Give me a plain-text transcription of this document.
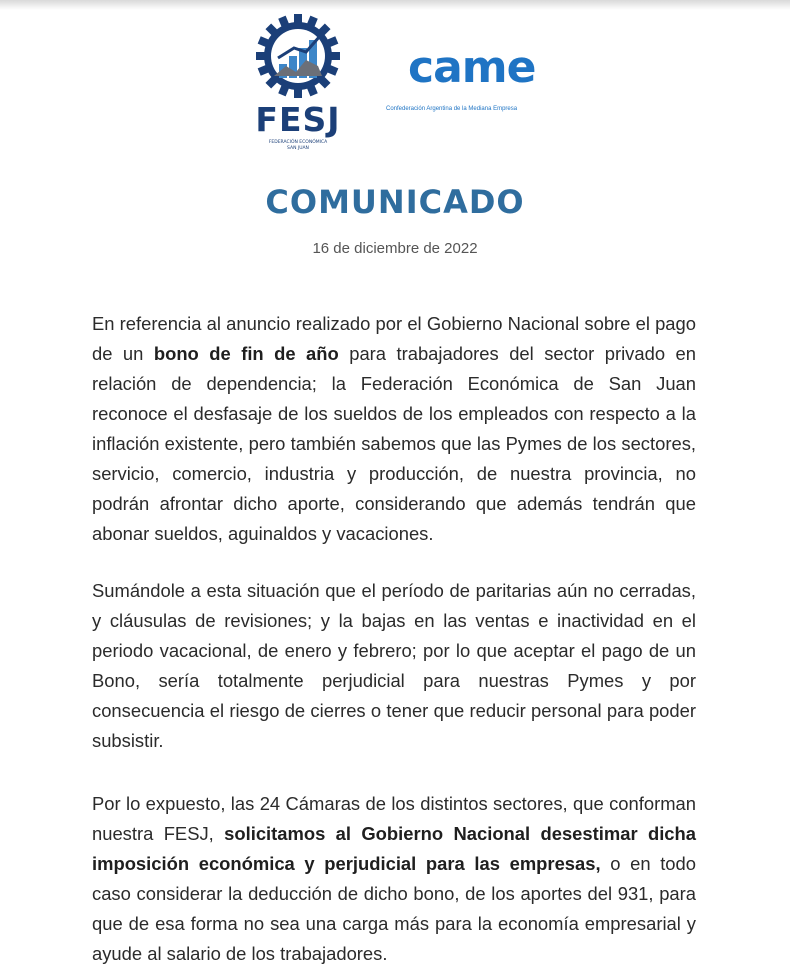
FESJ
FEDERACIÓN ECONÓMICA
SAN JUAN
came
Confederación Argentina de la Mediana Empresa
COMUNICADO
16 de diciembre de 2022

En referencia al anuncio realizado por el Gobierno Nacional sobre el pago de un bono de fin de año para trabajadores del sector privado en relación de dependencia; la Federación Económica de San Juan reconoce el desfasaje de los sueldos de los empleados con respecto a la inflación existente, pero también sabemos que las Pymes de los sectores, servicio, comercio, industria y producción, de nuestra provincia, no podrán afrontar dicho aporte, considerando que además tendrán que abonar sueldos, aguinaldos y vacaciones.

Sumándole a esta situación que el período de paritarias aún no cerradas, y cláusulas de revisiones; y la bajas en las ventas e inactividad en el periodo vacacional, de enero y febrero; por lo que aceptar el pago de un Bono, sería totalmente perjudicial para nuestras Pymes y por consecuencia el riesgo de cierres o tener que reducir personal para poder subsistir.

Por lo expuesto, las 24 Cámaras de los distintos sectores, que conforman nuestra FESJ, solicitamos al Gobierno Nacional desestimar dicha imposición económica y perjudicial para las empresas, o en todo caso considerar la deducción de dicho bono, de los aportes del 931, para que de esa forma no sea una carga más para la economía empresarial y ayude al salario de los trabajadores.
